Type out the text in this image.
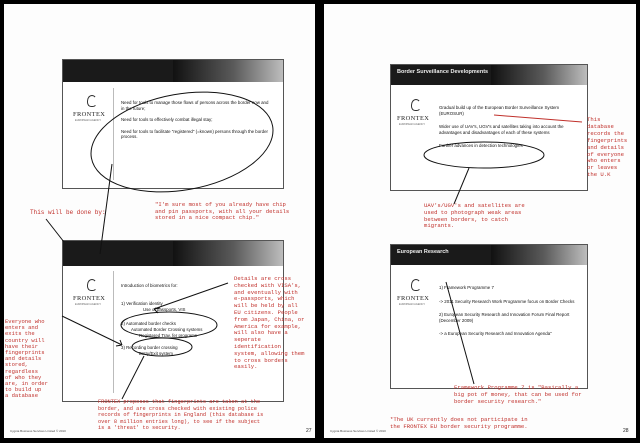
FRONTEX
EUROPEAN AGENCY

Need for tools to manage those flows of persons across the border now and in the future;

Need for tools to effectively combat illegal stay;

Need for tools to facilitate "registered" (=known) persons through the border process.

FRONTEX
EUROPEAN AGENCY
Introduction of biometrics for:
1) Verification identity
Use of passports, VIS
2) Automated border checks
Automated Border Crossing systems
Registered Trav. fer programs
3) Recording border crossing
Entry/Exit system
This will be done by:
"I'm sure most of you already have chip
and pin passports, with all your details
stored in a nice compact chip."
Details are cross
checked with VISA's,
and eventually with
e-passports, which
will be held by all
EU citizens. People
from Japan, China, or
America for example,
will also have a
seperate
identification
system, allowing them
to cross borders
easily.
Everyone who
enters and
exits the
country will
have their
fingerprints
and details
stored,
regardless
of who they
are, in order
to build up
a database
FRONTEX proposes that fingerprints are taken at the
border, and are cross checked with existing police
records of fingerprints in England (this database is
over 8 million entries long), to see if the subject
is a 'threat' to security.
Cygnia Business Services Limited © 2010	27
Border Surveillance Developments
FRONTEX
EUROPEAN AGENCY

Gradual build up of the European Border Surveillance System (EUROSUR)

Wider use of UAV's, UGV's and satellites taking into account the advantages and disadvantages of each of these systems

Further advances in detection technologies

European Research
FRONTEX
EUROPEAN AGENCY

1) Framework Programme 7

-> 2011 Security Research Work Programme focus on Border Checks

2) European Security Research and Innovation Forum Final Report (December 2009)

-> a European Security Research and Innovation Agenda"

This
database
records the
fingerprints
and details
of everyone
who enters
or leaves
the U.K
UAV's/UGV's and satellites are
used to photograph weak areas
between borders, to catch
migrants.
Framework Programme 7 is "Basically a
big pot of money, that can be used for
border security research."
*The UK currently does not participate in
the FRONTEX EU border security programme.
Cygnia Business Services Limited © 2010	28
